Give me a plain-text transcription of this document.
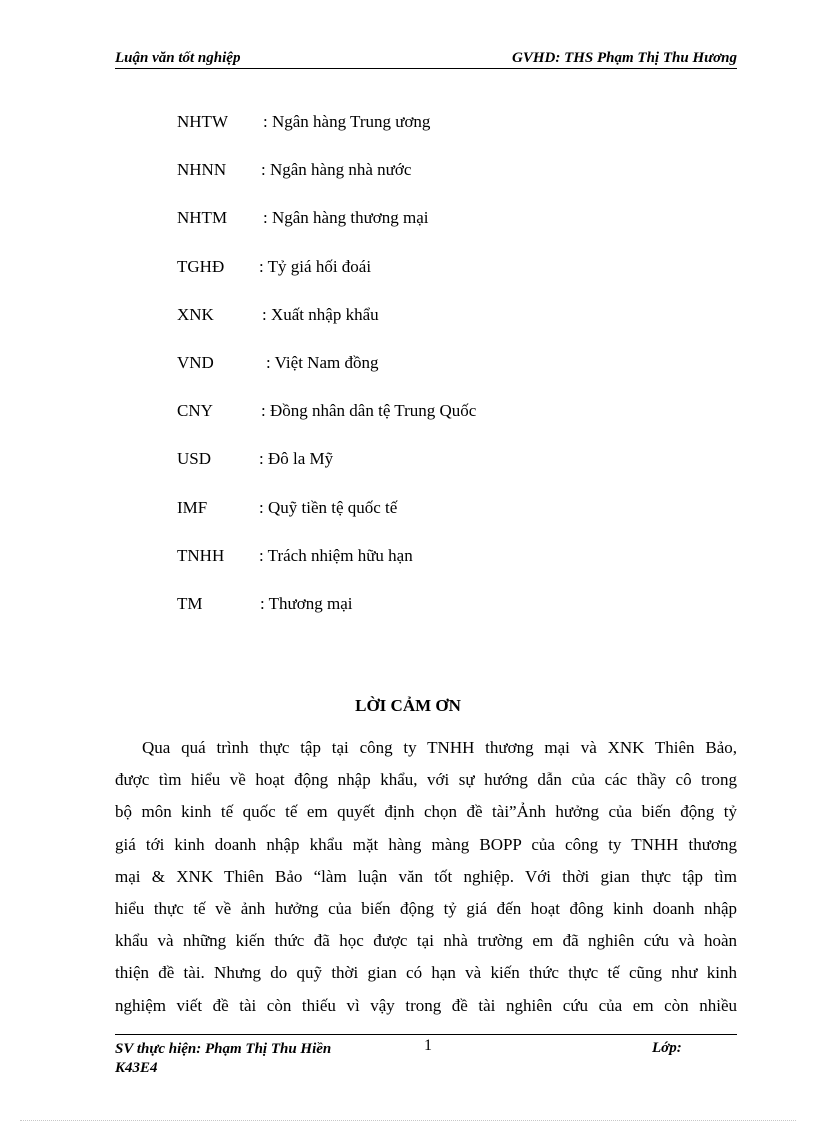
Luận văn tốt nghiệp	GVHD: THS Phạm Thị Thu Hương
NHTW : Ngân hàng Trung ương
NHNN : Ngân hàng nhà nước
NHTM : Ngân hàng thương mại
TGHĐ : Tỷ giá hối đoái
XNK	: Xuất nhập khẩu
VND	: Việt Nam đồng
CNY	: Đồng nhân dân tệ Trung Quốc
USD	: Đô la Mỹ
IMF	: Quỹ tiền tệ quốc tế
TNHH : Trách nhiệm hữu hạn
TM	: Thương mại
LỜI CẢM ƠN
Qua quá trình thực tập tại công ty TNHH thương mại và XNK Thiên Bảo,
được tìm hiểu về hoạt động nhập khẩu, với sự hướng dẫn của các thầy cô trong
bộ môn kinh tế quốc tế em quyết định chọn đề tài”Ảnh hưởng của biến động tỷ
giá tới kinh doanh nhập khẩu mặt hàng màng BOPP của công ty TNHH thương
mại & XNK Thiên Bảo “làm luận văn tốt nghiệp. Với thời gian thực tập tìm
hiểu thực tế về ảnh hưởng của biến động tỷ giá đến hoạt đông kinh doanh nhập
khẩu và những kiến thức đã học được tại nhà trường em đã nghiên cứu và hoàn
thiện đề tài. Nhưng do quỹ thời gian có hạn và kiến thức thực tế cũng như kinh
nghiệm viết đề tài còn thiếu vì vậy trong đề tài nghiên cứu của em còn nhiều
SV thực hiện: Phạm Thị Thu Hiền
K43E4
1	Lớp:
